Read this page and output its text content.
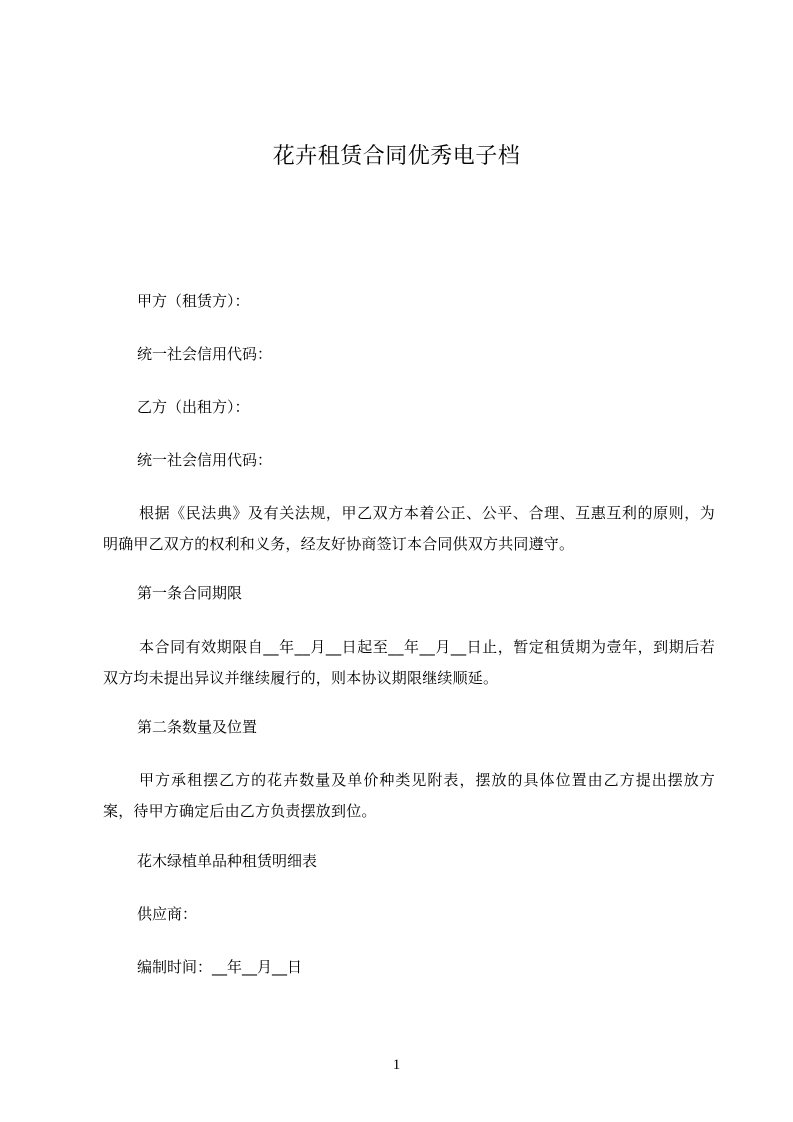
花卉租赁合同优秀电子档
甲方（租赁方）：
统一社会信用代码：
乙方（出租方）：
统一社会信用代码：
根据《民法典》及有关法规，甲乙双方本着公正、公平、合理、互惠互利的原则，为明确甲乙双方的权利和义务，经友好协商签订本合同供双方共同遵守。
第一条合同期限
本合同有效期限自__年__月__日起至__年__月__日止，暂定租赁期为壹年，到期后若双方均未提出异议并继续履行的，则本协议期限继续顺延。
第二条数量及位置
甲方承租摆乙方的花卉数量及单价种类见附表，摆放的具体位置由乙方提出摆放方案，待甲方确定后由乙方负责摆放到位。
花木绿植单品种租赁明细表
供应商：
编制时间：__年__月__日
1
